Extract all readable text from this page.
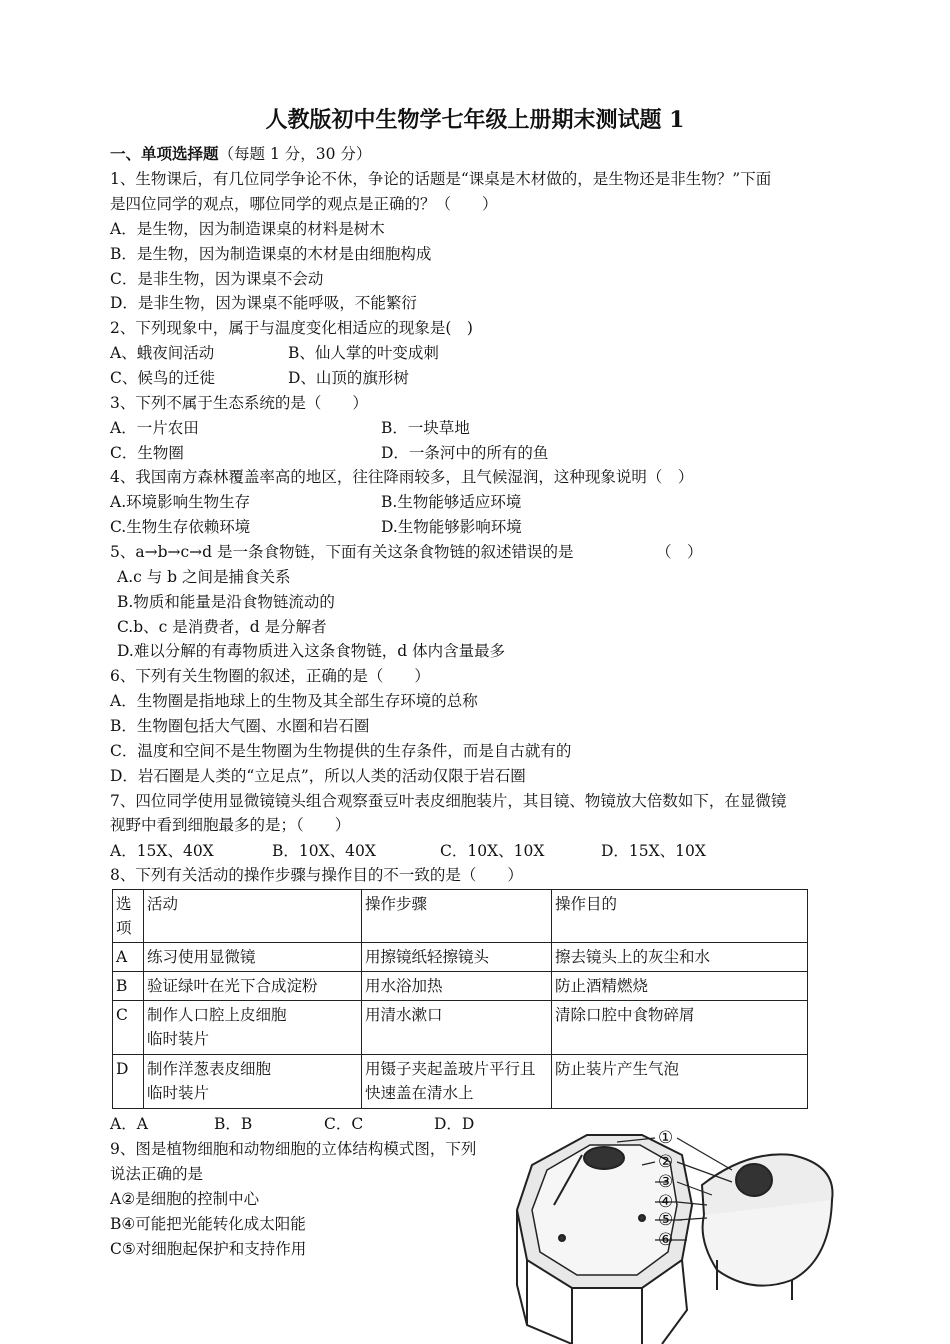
人教版初中生物学七年级上册期末测试题 1
一、单项选择题（每题 1 分，30 分）
1、生物课后，有几位同学争论不休，争论的话题是“课桌是木材做的，是生物还是非生物？”下面
是四位同学的观点，哪位同学的观点是正确的？（　　）
A．是生物，因为制造课桌的材料是树木
B．是生物，因为制造课桌的木材是由细胞构成
C．是非生物，因为课桌不会动
D．是非生物，因为课桌不能呼吸，不能繁衍
2、下列现象中，属于与温度变化相适应的现象是(　)
A、蛾夜间活动	B、仙人掌的叶变成刺
C、候鸟的迁徙	D、山顶的旗形树
3、下列不属于生态系统的是（　　）
A．一片农田	B．一块草地
C．生物圈	D．一条河中的所有的鱼
4、我国南方森林覆盖率高的地区，往往降雨较多，且气候湿润，这种现象说明（　）
A.环境影响生物生存	B.生物能够适应环境
C.生物生存依赖环境	D.生物能够影响环境
5、a→b→c→d 是一条食物链，下面有关这条食物链的叙述错误的是	（　）
A.c 与 b 之间是捕食关系
B.物质和能量是沿食物链流动的
C.b、c 是消费者，d 是分解者
D.难以分解的有毒物质进入这条食物链，d 体内含量最多
6、下列有关生物圈的叙述，正确的是（　　）
A．生物圈是指地球上的生物及其全部生存环境的总称
B．生物圈包括大气圈、水圈和岩石圈
C．温度和空间不是生物圈为生物提供的生存条件，而是自古就有的
D．岩石圈是人类的“立足点”，所以人类的活动仅限于岩石圈
7、四位同学使用显微镜镜头组合观察蚕豆叶表皮细胞装片，其目镜、物镜放大倍数如下，在显微镜
视野中看到细胞最多的是；（　　）
A．15X、40X	B．10X、40X	C．10X、10X	D．15X、10X
8、下列有关活动的操作步骤与操作目的不一致的是（　　）
选项	活动	操作步骤	操作目的
A	练习使用显微镜	用擦镜纸轻擦镜头	擦去镜头上的灰尘和水
B	验证绿叶在光下合成淀粉	用水浴加热	防止酒精燃烧
C	制作人口腔上皮细胞
临时装片	用清水漱口	清除口腔中食物碎屑
D	制作洋葱表皮细胞
临时装片	用镊子夹起盖玻片平行且
快速盖在清水上	防止装片产生气泡
A．A	B．B	C．C	D．D
9、图是植物细胞和动物细胞的立体结构模式图，下列
说法正确的是
A②是细胞的控制中心
B④可能把光能转化成太阳能
C⑤对细胞起保护和支持作用
①
②
③
④
⑤
⑥
